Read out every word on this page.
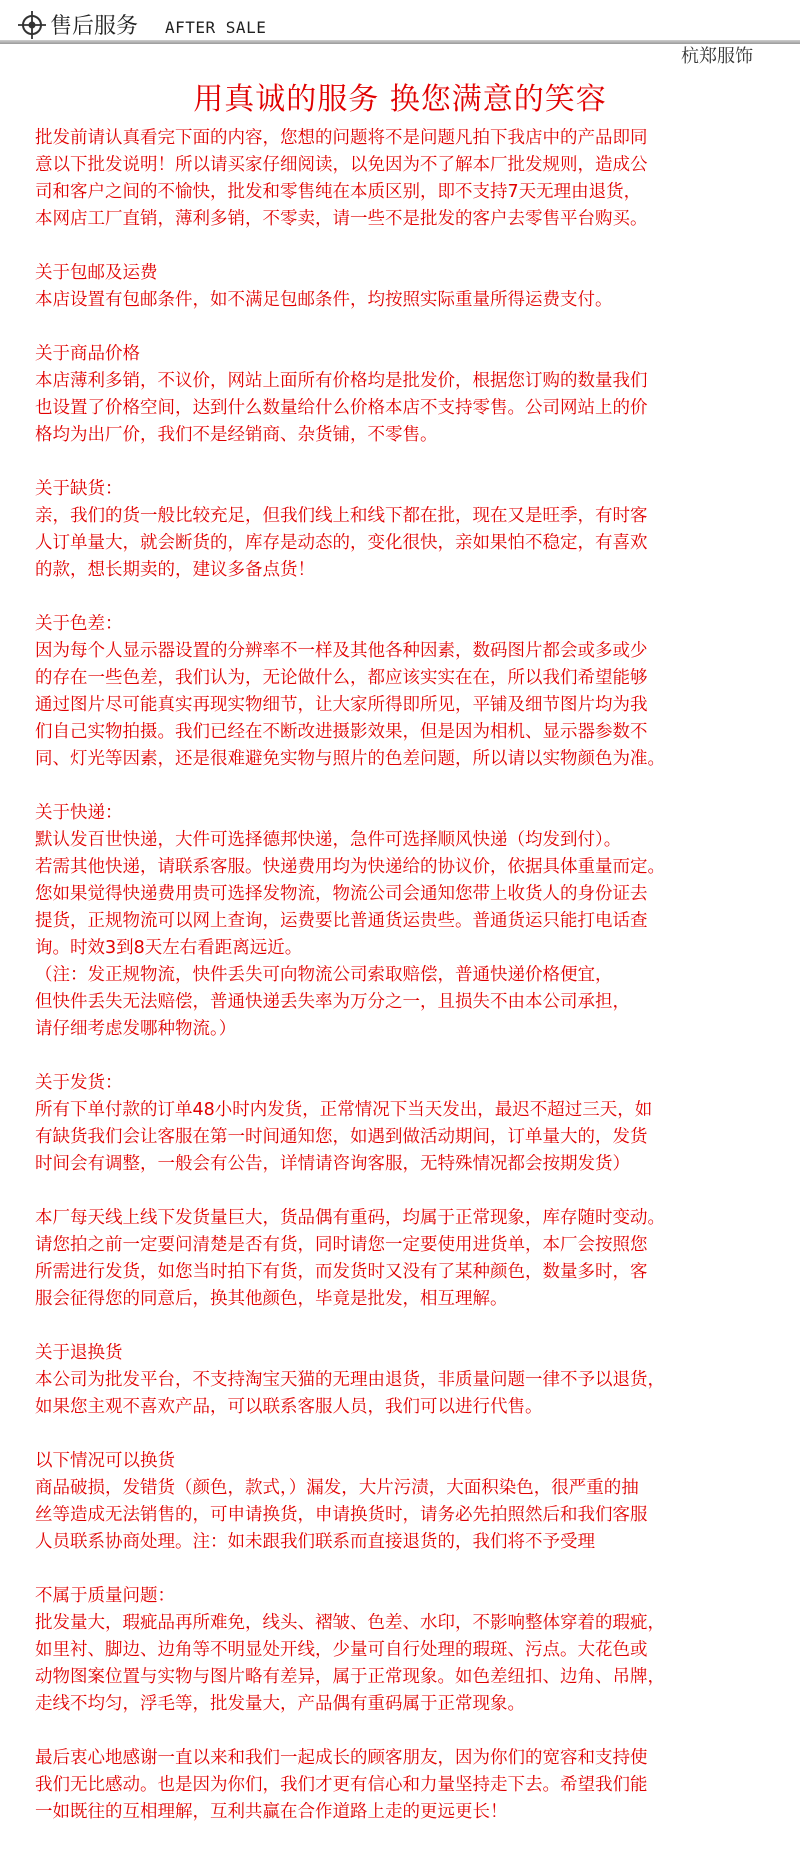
售后服务 AFTER SALE
杭郑服饰
用真诚的服务 换您满意的笑容
批发前请认真看完下面的内容，您想的问题将不是问题凡拍下我店中的产品即同
意以下批发说明！所以请买家仔细阅读，以免因为不了解本厂批发规则，造成公
司和客户之间的不愉快，批发和零售纯在本质区别，即不支持7天无理由退货，
本网店工厂直销，薄利多销，不零卖，请一些不是批发的客户去零售平台购买。
关于包邮及运费
本店设置有包邮条件，如不满足包邮条件，均按照实际重量所得运费支付。
关于商品价格
本店薄利多销，不议价，网站上面所有价格均是批发价，根据您订购的数量我们
也设置了价格空间，达到什么数量给什么价格本店不支持零售。公司网站上的价
格均为出厂价，我们不是经销商、杂货铺，不零售。
关于缺货：
亲，我们的货一般比较充足，但我们线上和线下都在批，现在又是旺季，有时客
人订单量大，就会断货的，库存是动态的，变化很快，亲如果怕不稳定，有喜欢
的款，想长期卖的，建议多备点货！
关于色差：
因为每个人显示器设置的分辨率不一样及其他各种因素，数码图片都会或多或少
的存在一些色差，我们认为，无论做什么，都应该实实在在，所以我们希望能够
通过图片尽可能真实再现实物细节，让大家所得即所见，平铺及细节图片均为我
们自己实物拍摄。我们已经在不断改进摄影效果，但是因为相机、显示器参数不
同、灯光等因素，还是很难避免实物与照片的色差问题，所以请以实物颜色为准。
关于快递：
默认发百世快递，大件可选择德邦快递，急件可选择顺风快递（均发到付）。
若需其他快递，请联系客服。快递费用均为快递给的协议价，依据具体重量而定。
您如果觉得快递费用贵可选择发物流，物流公司会通知您带上收货人的身份证去
提货，正规物流可以网上查询，运费要比普通货运贵些。普通货运只能打电话查
询。时效3到8天左右看距离远近。
（注：发正规物流，快件丢失可向物流公司索取赔偿，普通快递价格便宜，
但快件丢失无法赔偿，普通快递丢失率为万分之一，且损失不由本公司承担，
请仔细考虑发哪种物流。）
关于发货：
所有下单付款的订单48小时内发货，正常情况下当天发出，最迟不超过三天，如
有缺货我们会让客服在第一时间通知您，如遇到做活动期间，订单量大的，发货
时间会有调整，一般会有公告，详情请咨询客服，无特殊情况都会按期发货）
本厂每天线上线下发货量巨大，货品偶有重码，均属于正常现象，库存随时变动。
请您拍之前一定要问清楚是否有货，同时请您一定要使用进货单，本厂会按照您
所需进行发货，如您当时拍下有货，而发货时又没有了某种颜色，数量多时，客
服会征得您的同意后，换其他颜色，毕竟是批发，相互理解。
关于退换货
本公司为批发平台，不支持淘宝天猫的无理由退货，非质量问题一律不予以退货，
如果您主观不喜欢产品，可以联系客服人员，我们可以进行代售。
以下情况可以换货
商品破损，发错货（颜色，款式，）漏发，大片污渍，大面积染色，很严重的抽
丝等造成无法销售的，可申请换货，申请换货时，请务必先拍照然后和我们客服
人员联系协商处理。注：如未跟我们联系而直接退货的，我们将不予受理
不属于质量问题：
批发量大，瑕疵品再所难免，线头、褶皱、色差、水印，不影响整体穿着的瑕疵，
如里衬、脚边、边角等不明显处开线，少量可自行处理的瑕斑、污点。大花色或
动物图案位置与实物与图片略有差异，属于正常现象。如色差纽扣、边角、吊牌，
走线不均匀，浮毛等，批发量大，产品偶有重码属于正常现象。
最后衷心地感谢一直以来和我们一起成长的顾客朋友，因为你们的宽容和支持使
我们无比感动。也是因为你们，我们才更有信心和力量坚持走下去。希望我们能
一如既往的互相理解，互利共赢在合作道路上走的更远更长！
